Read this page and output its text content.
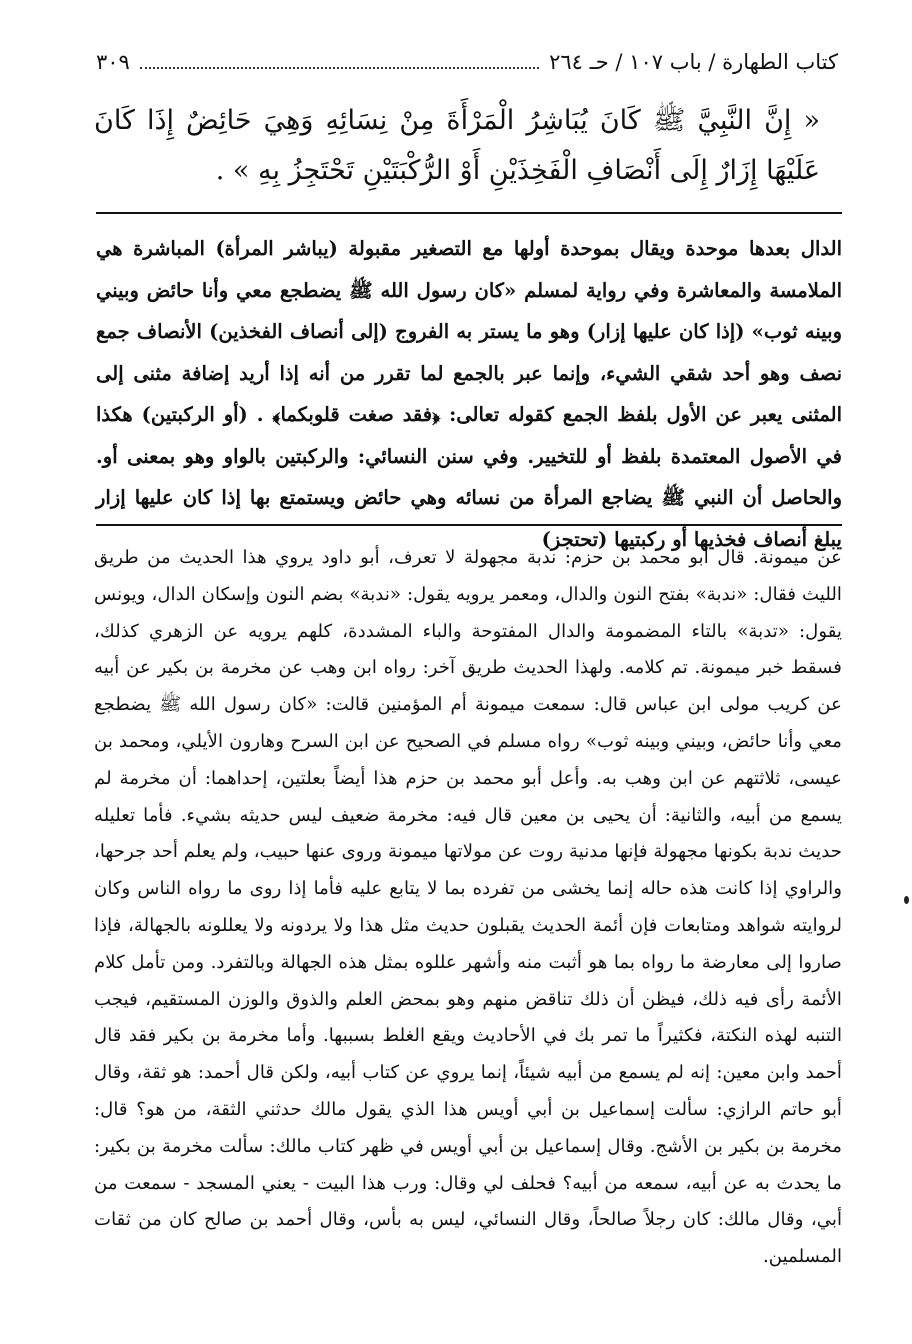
كتاب الطهارة / باب ١٠٧ / حـ ٢٦٤
٣٠٩
« إِنَّ النَّبِيَّ ﷺ كَانَ يُبَاشِرُ الْمَرْأَةَ مِنْ نِسَائِهِ وَهِيَ حَائِضٌ إِذَا كَانَ عَلَيْهَا إِزَارٌ إِلَى أَنْصَافِ الْفَخِذَيْنِ أَوْ الرُّكْبَتَيْنِ تَحْتَجِزُ بِهِ » .

الدال بعدها موحدة ويقال بموحدة أولها مع التصغير مقبولة (يباشر المرأة) المباشرة هي الملامسة والمعاشرة وفي رواية لمسلم «كان رسول الله ﷺ يضطجع معي وأنا حائض وبيني وبينه ثوب» (إذا كان عليها إزار) وهو ما يستر به الفروج (إلى أنصاف الفخذين) الأنصاف جمع نصف وهو أحد شقي الشيء، وإنما عبر بالجمع لما تقرر من أنه إذا أريد إضافة مثنى إلى المثنى يعبر عن الأول بلفظ الجمع كقوله تعالى: ﴿فقد صغت قلوبكما﴾ . (أو الركبتين) هكذا في الأصول المعتمدة بلفظ أو للتخيير. وفي سنن النسائي: والركبتين بالواو وهو بمعنى أو. والحاصل أن النبي ﷺ يضاجع المرأة من نسائه وهي حائض ويستمتع بها إذا كان عليها إزار يبلغ أنصاف فخذيها أو ركبتيها (تحتجز)

عن ميمونة. قال أبو محمد بن حزم: ندبة مجهولة لا تعرف، أبو داود يروي هذا الحديث من طريق الليث فقال: «ندبة» بفتح النون والدال، ومعمر يرويه يقول: «ندبة» بضم النون وإسكان الدال، ويونس يقول: «تدبة» بالتاء المضمومة والدال المفتوحة والباء المشددة، كلهم يرويه عن الزهري كذلك، فسقط خبر ميمونة. تم كلامه. ولهذا الحديث طريق آخر: رواه ابن وهب عن مخرمة بن بكير عن أبيه عن كريب مولى ابن عباس قال: سمعت ميمونة أم المؤمنين قالت: «كان رسول الله ﷺ يضطجع معي وأنا حائض، وبيني وبينه ثوب» رواه مسلم في الصحيح عن ابن السرح وهارون الأيلي، ومحمد بن عيسى، ثلاثتهم عن ابن وهب به. وأعل أبو محمد بن حزم هذا أيضاً بعلتين، إحداهما: أن مخرمة لم يسمع من أبيه، والثانية: أن يحيى بن معين قال فيه: مخرمة ضعيف ليس حديثه بشيء. فأما تعليله حديث ندبة بكونها مجهولة فإنها مدنية روت عن مولاتها ميمونة وروى عنها حبيب، ولم يعلم أحد جرحها، والراوي إذا كانت هذه حاله إنما يخشى من تفرده بما لا يتابع عليه فأما إذا روى ما رواه الناس وكان لروايته شواهد ومتابعات فإن أئمة الحديث يقبلون حديث مثل هذا ولا يردونه ولا يعللونه بالجهالة، فإذا صاروا إلى معارضة ما رواه بما هو أثبت منه وأشهر عللوه بمثل هذه الجهالة وبالتفرد. ومن تأمل كلام الأئمة رأى فيه ذلك، فيظن أن ذلك تناقض منهم وهو بمحض العلم والذوق والوزن المستقيم، فيجب التنبه لهذه النكتة، فكثيراً ما تمر بك في الأحاديث ويقع الغلط بسببها. وأما مخرمة بن بكير فقد قال أحمد وابن معين: إنه لم يسمع من أبيه شيئاً، إنما يروي عن كتاب أبيه، ولكن قال أحمد: هو ثقة، وقال أبو حاتم الرازي: سألت إسماعيل بن أبي أويس هذا الذي يقول مالك حدثني الثقة، من هو؟ قال: مخرمة بن بكير بن الأشج. وقال إسماعيل بن أبي أويس في ظهر كتاب مالك: سألت مخرمة بن بكير: ما يحدث به عن أبيه، سمعه من أبيه؟ فحلف لي وقال: ورب هذا البيت - يعني المسجد - سمعت من أبي، وقال مالك: كان رجلاً صالحاً، وقال النسائي، ليس به بأس، وقال أحمد بن صالح كان من ثقات المسلمين.
